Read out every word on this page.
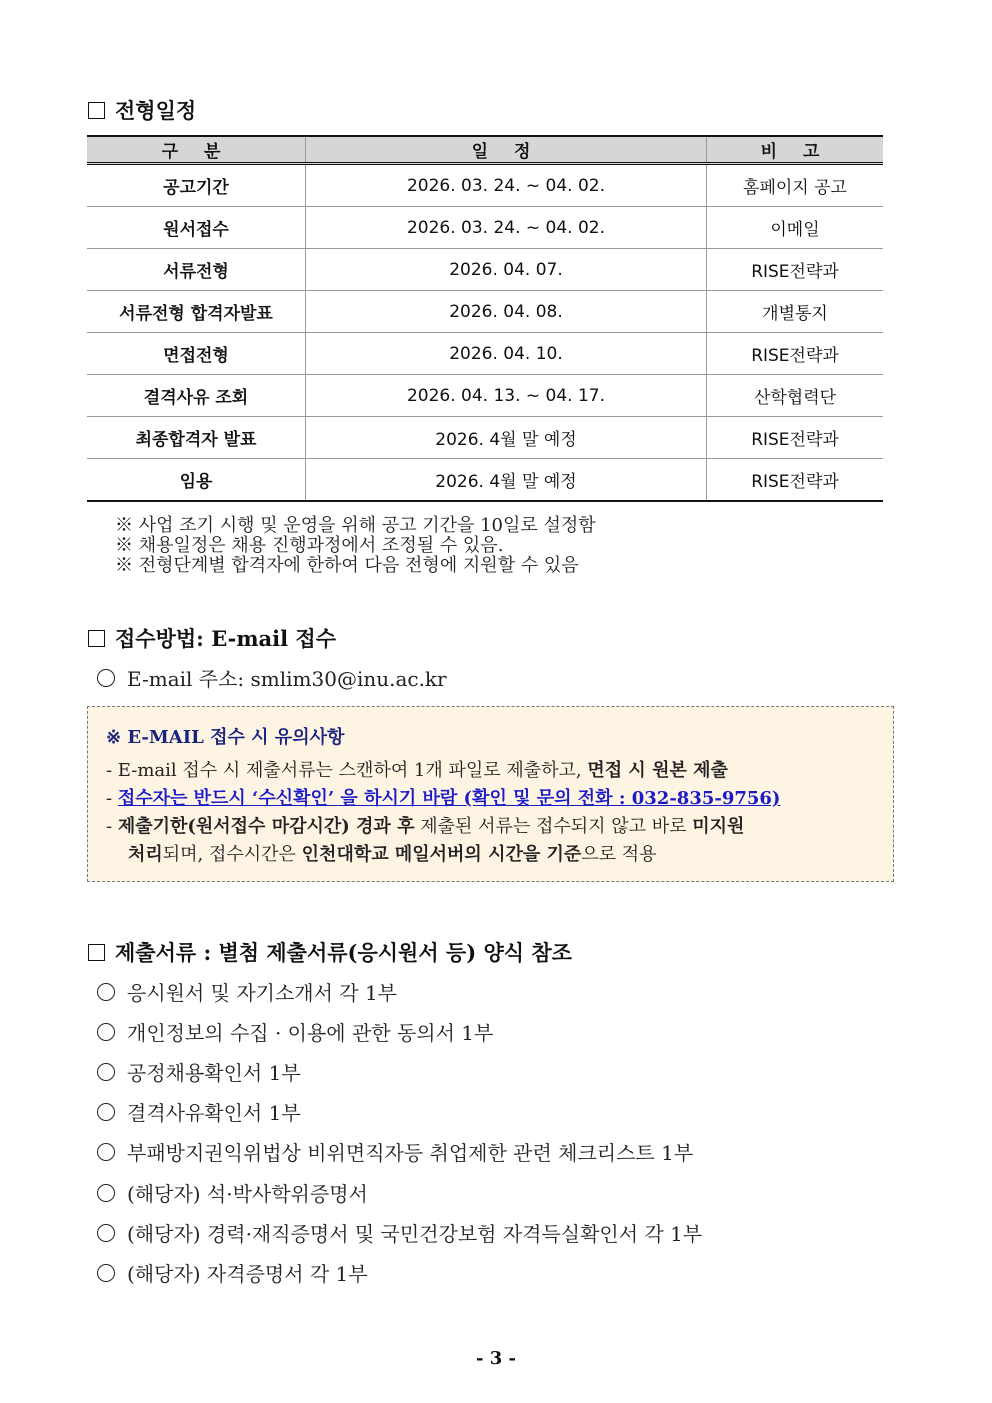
전형일정
구 분	일 정	비 고
공고기간	2026. 03. 24. ~ 04. 02.	홈페이지 공고
원서접수	2026. 03. 24. ~ 04. 02.	이메일
서류전형	2026. 04. 07.	RISE전략과
서류전형 합격자발표	2026. 04. 08.	개별통지
면접전형	2026. 04. 10.	RISE전략과
결격사유 조회	2026. 04. 13. ~ 04. 17.	산학협력단
최종합격자 발표	2026. 4월 말 예정	RISE전략과
임용	2026. 4월 말 예정	RISE전략과
※ 사업 조기 시행 및 운영을 위해 공고 기간을 10일로 설정함
※ 채용일정은 채용 진행과정에서 조정될 수 있음.
※ 전형단계별 합격자에 한하여 다음 전형에 지원할 수 있음
접수방법: E-mail 접수
E-mail 주소: smlim30@inu.ac.kr
※ E-MAIL 접수 시 유의사항
- E-mail 접수 시 제출서류는 스캔하여 1개 파일로 제출하고, 면접 시 원본 제출
- 접수자는 반드시 ‘수신확인’ 을 하시기 바람 (확인 및 문의 전화 : 032-835-9756)
- 제출기한(원서접수 마감시간) 경과 후 제출된 서류는 접수되지 않고 바로 미지원
처리되며, 접수시간은 인천대학교 메일서버의 시간을 기준으로 적용
제출서류 : 별첨 제출서류(응시원서 등) 양식 참조
응시원서 및 자기소개서 각 1부
개인정보의 수집 · 이용에 관한 동의서 1부
공정채용확인서 1부
결격사유확인서 1부
부패방지권익위법상 비위면직자등 취업제한 관련 체크리스트 1부
(해당자) 석·박사학위증명서
(해당자) 경력·재직증명서 및 국민건강보험 자격득실확인서 각 1부
(해당자) 자격증명서 각 1부
- 3 -
